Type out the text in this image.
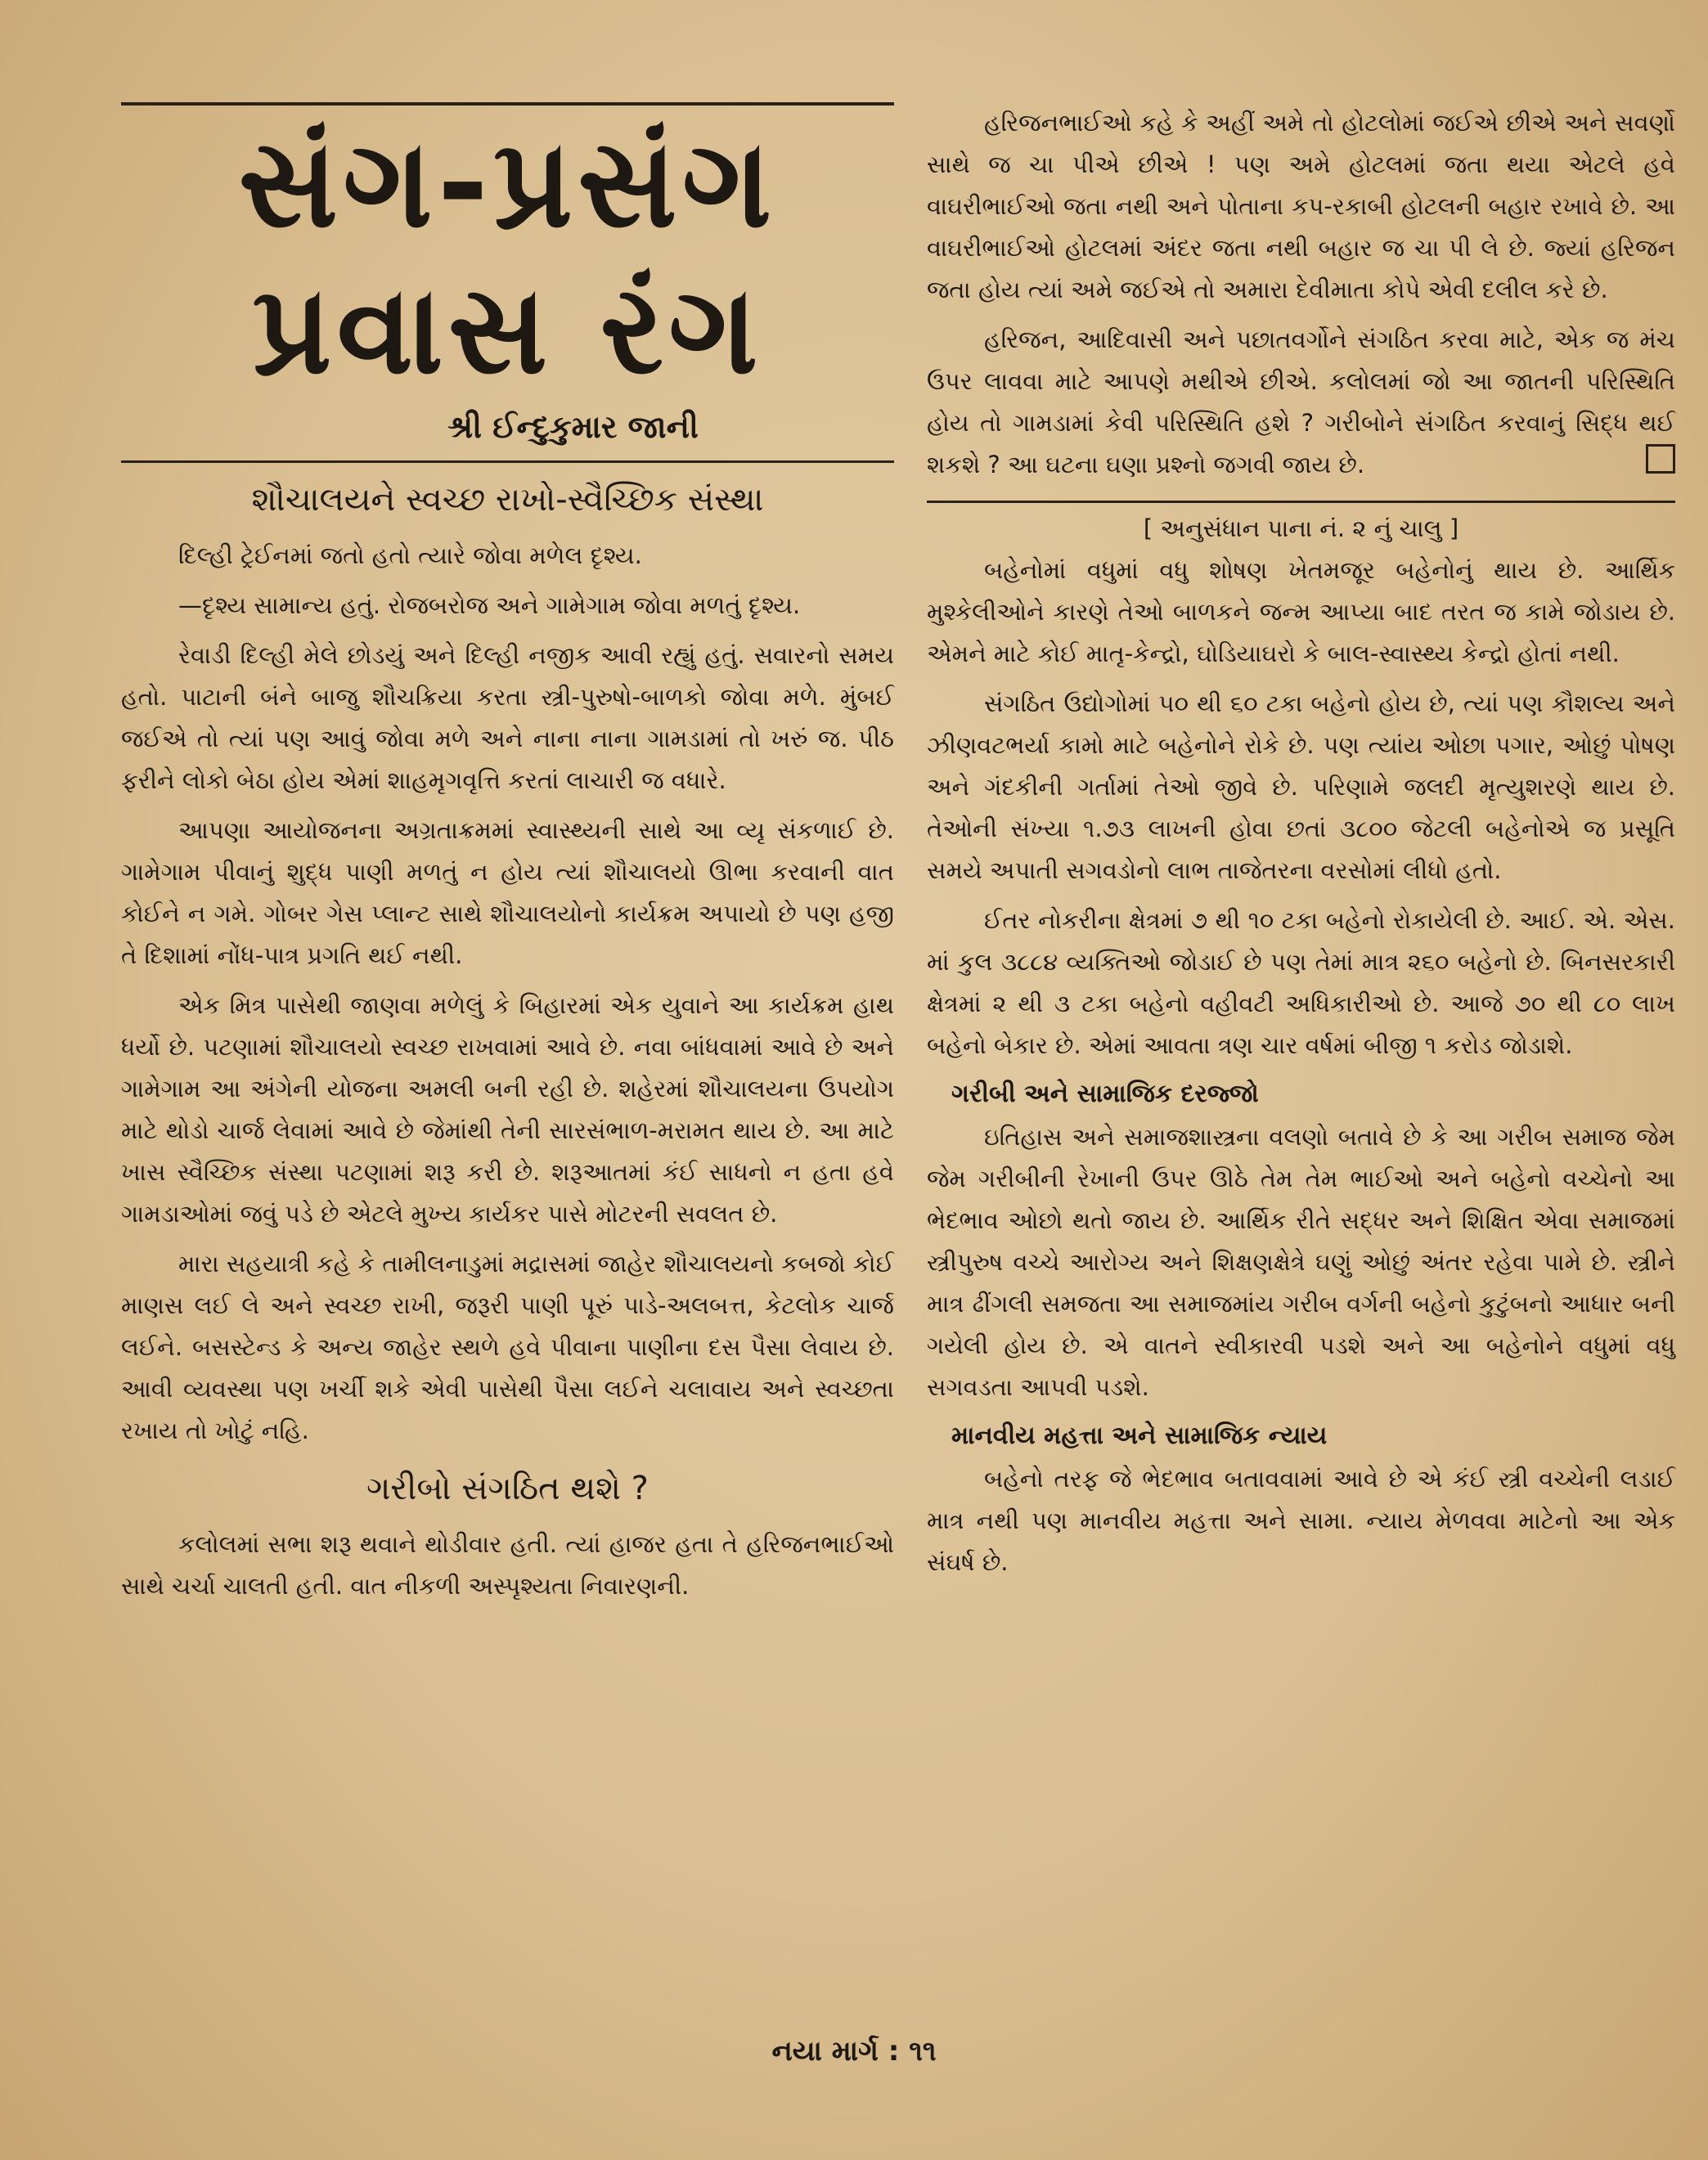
સંગ-પ્રસંગ
પ્રવાસ રંગ
શ્રી ઈન્દુકુમાર જાની
શૌચાલયને સ્વચ્છ રાખો-સ્વૈચ્છિક સંસ્થા

દિલ્હી ટ્રેઈનમાં જતો હતો ત્યારે જોવા મળેલ દૃશ્ય.

—દૃશ્ય સામાન્ય હતું. રોજબરોજ અને ગામેગામ જોવા મળતું દૃશ્ય.

રેવાડી દિલ્હી મેલે છોડયું અને દિલ્હી નજીક આવી રહ્યું હતું. સવારનો સમય હતો. પાટાની બંને બાજુ શૌચક્રિયા કરતા સ્ત્રી-પુરુષો-બાળકો જોવા મળે. મુંબઈ જઈએ તો ત્યાં પણ આવું જોવા મળે અને નાના નાના ગામડામાં તો ખરું જ. પીઠ ફરીને લોકો બેઠા હોય એમાં શાહમૃગવૃત્તિ કરતાં લાચારી જ વધારે.

આપણા આયોજનના અગ્રતાક્રમમાં સ્વાસ્થ્યની સાથે આ વ્યૃ સંકળાઈ છે. ગામેગામ પીવાનું શુદ્ધ પાણી મળતું ન હોય ત્યાં શૌચાલયો ઊભા કરવાની વાત કોઈને ન ગમે. ગોબર ગેસ પ્લાન્ટ સાથે શૌચાલયોનો કાર્યક્રમ અપાયો છે પણ હજી તે દિશામાં નોંધ-પાત્ર પ્રગતિ થઈ નથી.

એક મિત્ર પાસેથી જાણવા મળેલું કે બિહારમાં એક યુવાને આ કાર્યક્રમ હાથ ધર્યો છે. પટણામાં શૌચાલયો સ્વચ્છ રાખવામાં આવે છે. નવા બાંધવામાં આવે છે અને ગામેગામ આ અંગેની યોજના અમલી બની રહી છે. શહેરમાં શૌચાલયના ઉપયોગ માટે થોડો ચાર્જ લેવામાં આવે છે જેમાંથી તેની સારસંભાળ-મરામત થાય છે. આ માટે ખાસ સ્વૈચ્છિક સંસ્થા પટણામાં શરૂ કરી છે. શરૂઆતમાં કંઈ સાધનો ન હતા હવે ગામડાઓમાં જવું પડે છે એટલે મુખ્ય કાર્યકર પાસે મોટરની સવલત છે.

મારા સહયાત્રી કહે કે તામીલનાડુમાં મદ્રાસમાં જાહેર શૌચાલયનો કબજો કોઈ માણસ લઈ લે અને સ્વચ્છ રાખી, જરૂરી પાણી પૂરું પાડે-અલબત્ત, કેટલોક ચાર્જ લઈને. બસસ્ટેન્ડ કે અન્ય જાહેર સ્થળે હવે પીવાના પાણીના દસ પૈસા લેવાય છે. આવી વ્યવસ્થા પણ ખર્ચી શકે એવી પાસેથી પૈસા લઈને ચલાવાય અને સ્વચ્છતા રખાય તો ખોટું નહિ.

ગરીબો સંગઠિત થશે ?

કલોલમાં સભા શરૂ થવાને થોડીવાર હતી. ત્યાં હાજર હતા તે હરિજનભાઈઓ સાથે ચર્ચા ચાલતી હતી. વાત નીકળી અસ્પૃશ્યતા નિવારણની.

હરિજનભાઈઓ કહે કે અહીં અમે તો હોટલોમાં જઈએ છીએ અને સવર્ણો સાથે જ ચા પીએ છીએ ! પણ અમે હોટલમાં જતા થયા એટલે હવે વાઘરીભાઈઓ જતા નથી અને પોતાના કપ-રકાબી હોટલની બહાર રખાવે છે. આ વાઘરીભાઈઓ હોટલમાં અંદર જતા નથી બહાર જ ચા પી લે છે. જ્યાં હરિજન જતા હોય ત્યાં અમે જઈએ તો અમારા દેવીમાતા કોપે એવી દલીલ કરે છે.

હરિજન, આદિવાસી અને પછાતવર્ગોને સંગઠિત કરવા માટે, એક જ મંચ ઉપર લાવવા માટે આપણે મથીએ છીએ. કલોલમાં જો આ જાતની પરિસ્થિતિ હોય તો ગામડામાં કેવી પરિસ્થિતિ હશે ? ગરીબોને સંગઠિત કરવાનું સિદ્ધ થઈ શકશે ? આ ઘટના ઘણા પ્રશ્નો જગવી જાય છે.

[ અનુસંધાન પાના નં. ૨ નું ચાલુ ]

બહેનોમાં વધુમાં વધુ શોષણ ખેતમજૂર બહેનોનું થાય છે. આર્થિક મુશ્કેલીઓને કારણે તેઓ બાળકને જન્મ આપ્યા બાદ તરત જ કામે જોડાય છે. એમને માટે કોઈ માતૃ-કેન્દ્રો, ઘોડિયાઘરો કે બાલ-સ્વાસ્થ્ય કેન્દ્રો હોતાં નથી.

સંગઠિત ઉદ્યોગોમાં ૫૦ થી ૬૦ ટકા બહેનો હોય છે, ત્યાં પણ કૌશલ્ય અને ઝીણવટભર્યા કામો માટે બહેનોને રોકે છે. પણ ત્યાંય ઓછા પગાર, ઓછું પોષણ અને ગંદકીની ગર્તામાં તેઓ જીવે છે. પરિણામે જલદી મૃત્યુશરણે થાય છે. તેઓની સંખ્યા ૧.૭૩ લાખની હોવા છતાં ૩૮૦૦ જેટલી બહેનોએ જ પ્રસૂતિ સમયે અપાતી સગવડોનો લાભ તાજેતરના વરસોમાં લીધો હતો.

ઈતર નોકરીના ક્ષેત્રમાં ૭ થી ૧૦ ટકા બહેનો રોકાયેલી છે. આઈ. એ. એસ. માં કુલ ૩૮૮૪ વ્યક્તિઓ જોડાઈ છે પણ તેમાં માત્ર ૨૬૦ બહેનો છે. બિનસરકારી ક્ષેત્રમાં ૨ થી ૩ ટકા બહેનો વહીવટી અધિકારીઓ છે. આજે ૭૦ થી ૮૦ લાખ બહેનો બેકાર છે. એમાં આવતા ત્રણ ચાર વર્ષમાં બીજી ૧ કરોડ જોડાશે.

ગરીબી અને સામાજિક દરજ્જો

ઇતિહાસ અને સમાજશાસ્ત્રના વલણો બતાવે છે કે આ ગરીબ સમાજ જેમ જેમ ગરીબીની રેખાની ઉપર ઊઠે તેમ તેમ ભાઈઓ અને બહેનો વચ્ચેનો આ ભેદભાવ ઓછો થતો જાય છે. આર્થિક રીતે સદ્ધર અને શિક્ષિત એવા સમાજમાં સ્ત્રીપુરુષ વચ્ચે આરોગ્ય અને શિક્ષણક્ષેત્રે ઘણું ઓછું અંતર રહેવા પામે છે. સ્ત્રીને માત્ર ઢીંગલી સમજતા આ સમાજમાંય ગરીબ વર્ગની બહેનો કુટુંબનો આધાર બની ગયેલી હોય છે. એ વાતને સ્વીકારવી પડશે અને આ બહેનોને વધુમાં વધુ સગવડતા આપવી પડશે.

માનવીય મહત્તા અને સામાજિક ન્યાય

બહેનો તરફ જે ભેદભાવ બતાવવામાં આવે છે એ કંઈ સ્ત્રી વચ્ચેની લડાઈ માત્ર નથી પણ માનવીય મહત્તા અને સામા. ન્યાય મેળવવા માટેનો આ એક સંઘર્ષ છે.

નયા માર્ગ : ૧૧
